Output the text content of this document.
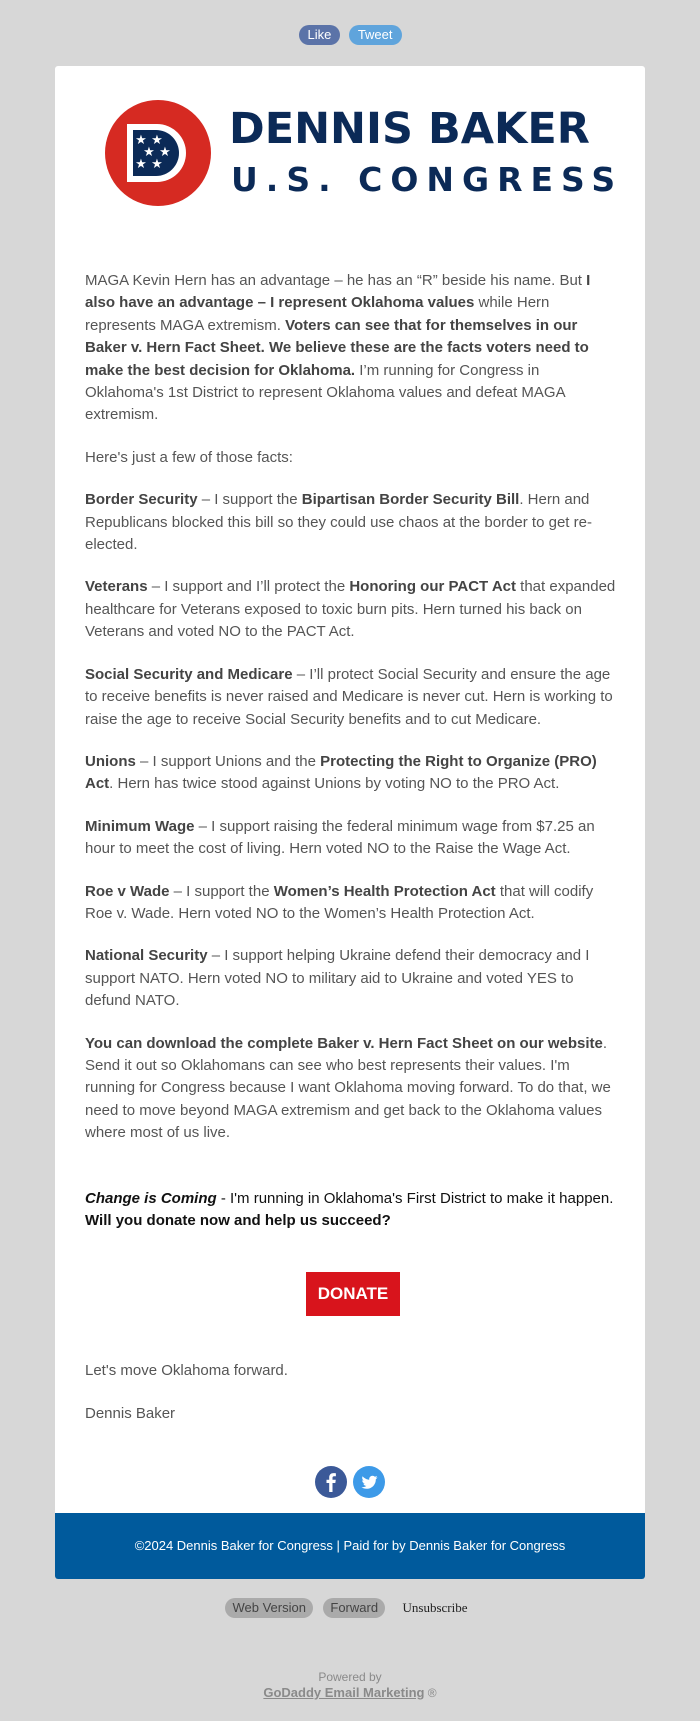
Like Tweet
★ ★
★ ★
★ ★
DENNIS BAKER
U.S. CONGRESS

MAGA Kevin Hern has an advantage – he has an “R” beside his name. But I also have an advantage – I represent Oklahoma values while Hern represents MAGA extremism. Voters can see that for themselves in our Baker v. Hern Fact Sheet. We believe these are the facts voters need to make the best decision for Oklahoma. I’m running for Congress in Oklahoma's 1st District to represent Oklahoma values and defeat MAGA extremism.

Here's just a few of those facts:

Border Security – I support the Bipartisan Border Security Bill. Hern and Republicans blocked this bill so they could use chaos at the border to get re-elected.

Veterans – I support and I’ll protect the Honoring our PACT Act that expanded healthcare for Veterans exposed to toxic burn pits. Hern turned his back on Veterans and voted NO to the PACT Act.

Social Security and Medicare – I’ll protect Social Security and ensure the age to receive benefits is never raised and Medicare is never cut. Hern is working to raise the age to receive Social Security benefits and to cut Medicare.

Unions – I support Unions and the Protecting the Right to Organize (PRO) Act. Hern has twice stood against Unions by voting NO to the PRO Act.

Minimum Wage – I support raising the federal minimum wage from $7.25 an hour to meet the cost of living. Hern voted NO to the Raise the Wage Act.

Roe v Wade – I support the Women’s Health Protection Act that will codify Roe v. Wade. Hern voted NO to the Women’s Health Protection Act.

National Security – I support helping Ukraine defend their democracy and I support NATO. Hern voted NO to military aid to Ukraine and voted YES to defund NATO.

You can download the complete Baker v. Hern Fact Sheet on our website. Send it out so Oklahomans can see who best represents their values. I'm running for Congress because I want Oklahoma moving forward. To do that, we need to move beyond MAGA extremism and get back to the Oklahoma values where most of us live.

Change is Coming - I'm running in Oklahoma's First District to make it happen. Will you donate now and help us succeed?

DONATE

Let's move Oklahoma forward.

Dennis Baker

©2024 Dennis Baker for Congress | Paid for by Dennis Baker for Congress
Web Version Forward Unsubscribe
Powered by
GoDaddy Email Marketing ®
